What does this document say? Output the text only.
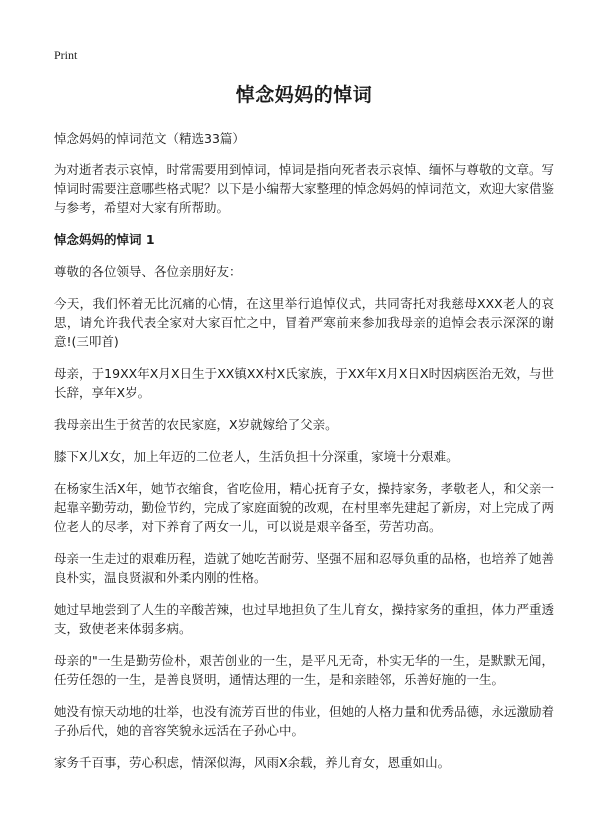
Print
悼念妈妈的悼词
悼念妈妈的悼词范文（精选33篇）
为对逝者表示哀悼，时常需要用到悼词，悼词是指向死者表示哀悼、缅怀与尊敬的文章。写悼词时需要注意哪些格式呢？以下是小编帮大家整理的悼念妈妈的悼词范文，欢迎大家借鉴与参考，希望对大家有所帮助。
悼念妈妈的悼词 1
尊敬的各位领导、各位亲朋好友：
今天，我们怀着无比沉痛的心情，在这里举行追悼仪式，共同寄托对我慈母XXX老人的哀思，请允许我代表全家对大家百忙之中，冒着严寒前来参加我母亲的追悼会表示深深的谢意!(三叩首)
母亲，于19XX年X月X日生于XX镇XX村X氏家族，于XX年X月X日X时因病医治无效，与世长辞，享年X岁。
我母亲出生于贫苦的农民家庭，X岁就嫁给了父亲。
膝下X儿X女，加上年迈的二位老人，生活负担十分深重，家境十分艰难。
在杨家生活X年，她节衣缩食，省吃俭用，精心抚育子女，操持家务，孝敬老人，和父亲一起靠辛勤劳动，勤俭节约，完成了家庭面貌的改观，在村里率先建起了新房，对上完成了两位老人的尽孝，对下养育了两女一儿，可以说是艰辛备至，劳苦功高。
母亲一生走过的艰难历程，造就了她吃苦耐劳、坚强不屈和忍辱负重的品格，也培养了她善良朴实，温良贤淑和外柔内刚的性格。
她过早地尝到了人生的辛酸苦辣，也过早地担负了生儿育女，操持家务的重担，体力严重透支，致使老来体弱多病。
母亲的"一生是勤劳俭朴，艰苦创业的一生，是平凡无奇，朴实无华的一生，是默默无闻，任劳任怨的一生，是善良贤明，通情达理的一生，是和亲睦邻，乐善好施的一生。
她没有惊天动地的壮举，也没有流芳百世的伟业，但她的人格力量和优秀品德，永远激励着子孙后代，她的音容笑貌永远活在子孙心中。
家务千百事，劳心积虑，情深似海，风雨X余载，养儿育女，恩重如山。
